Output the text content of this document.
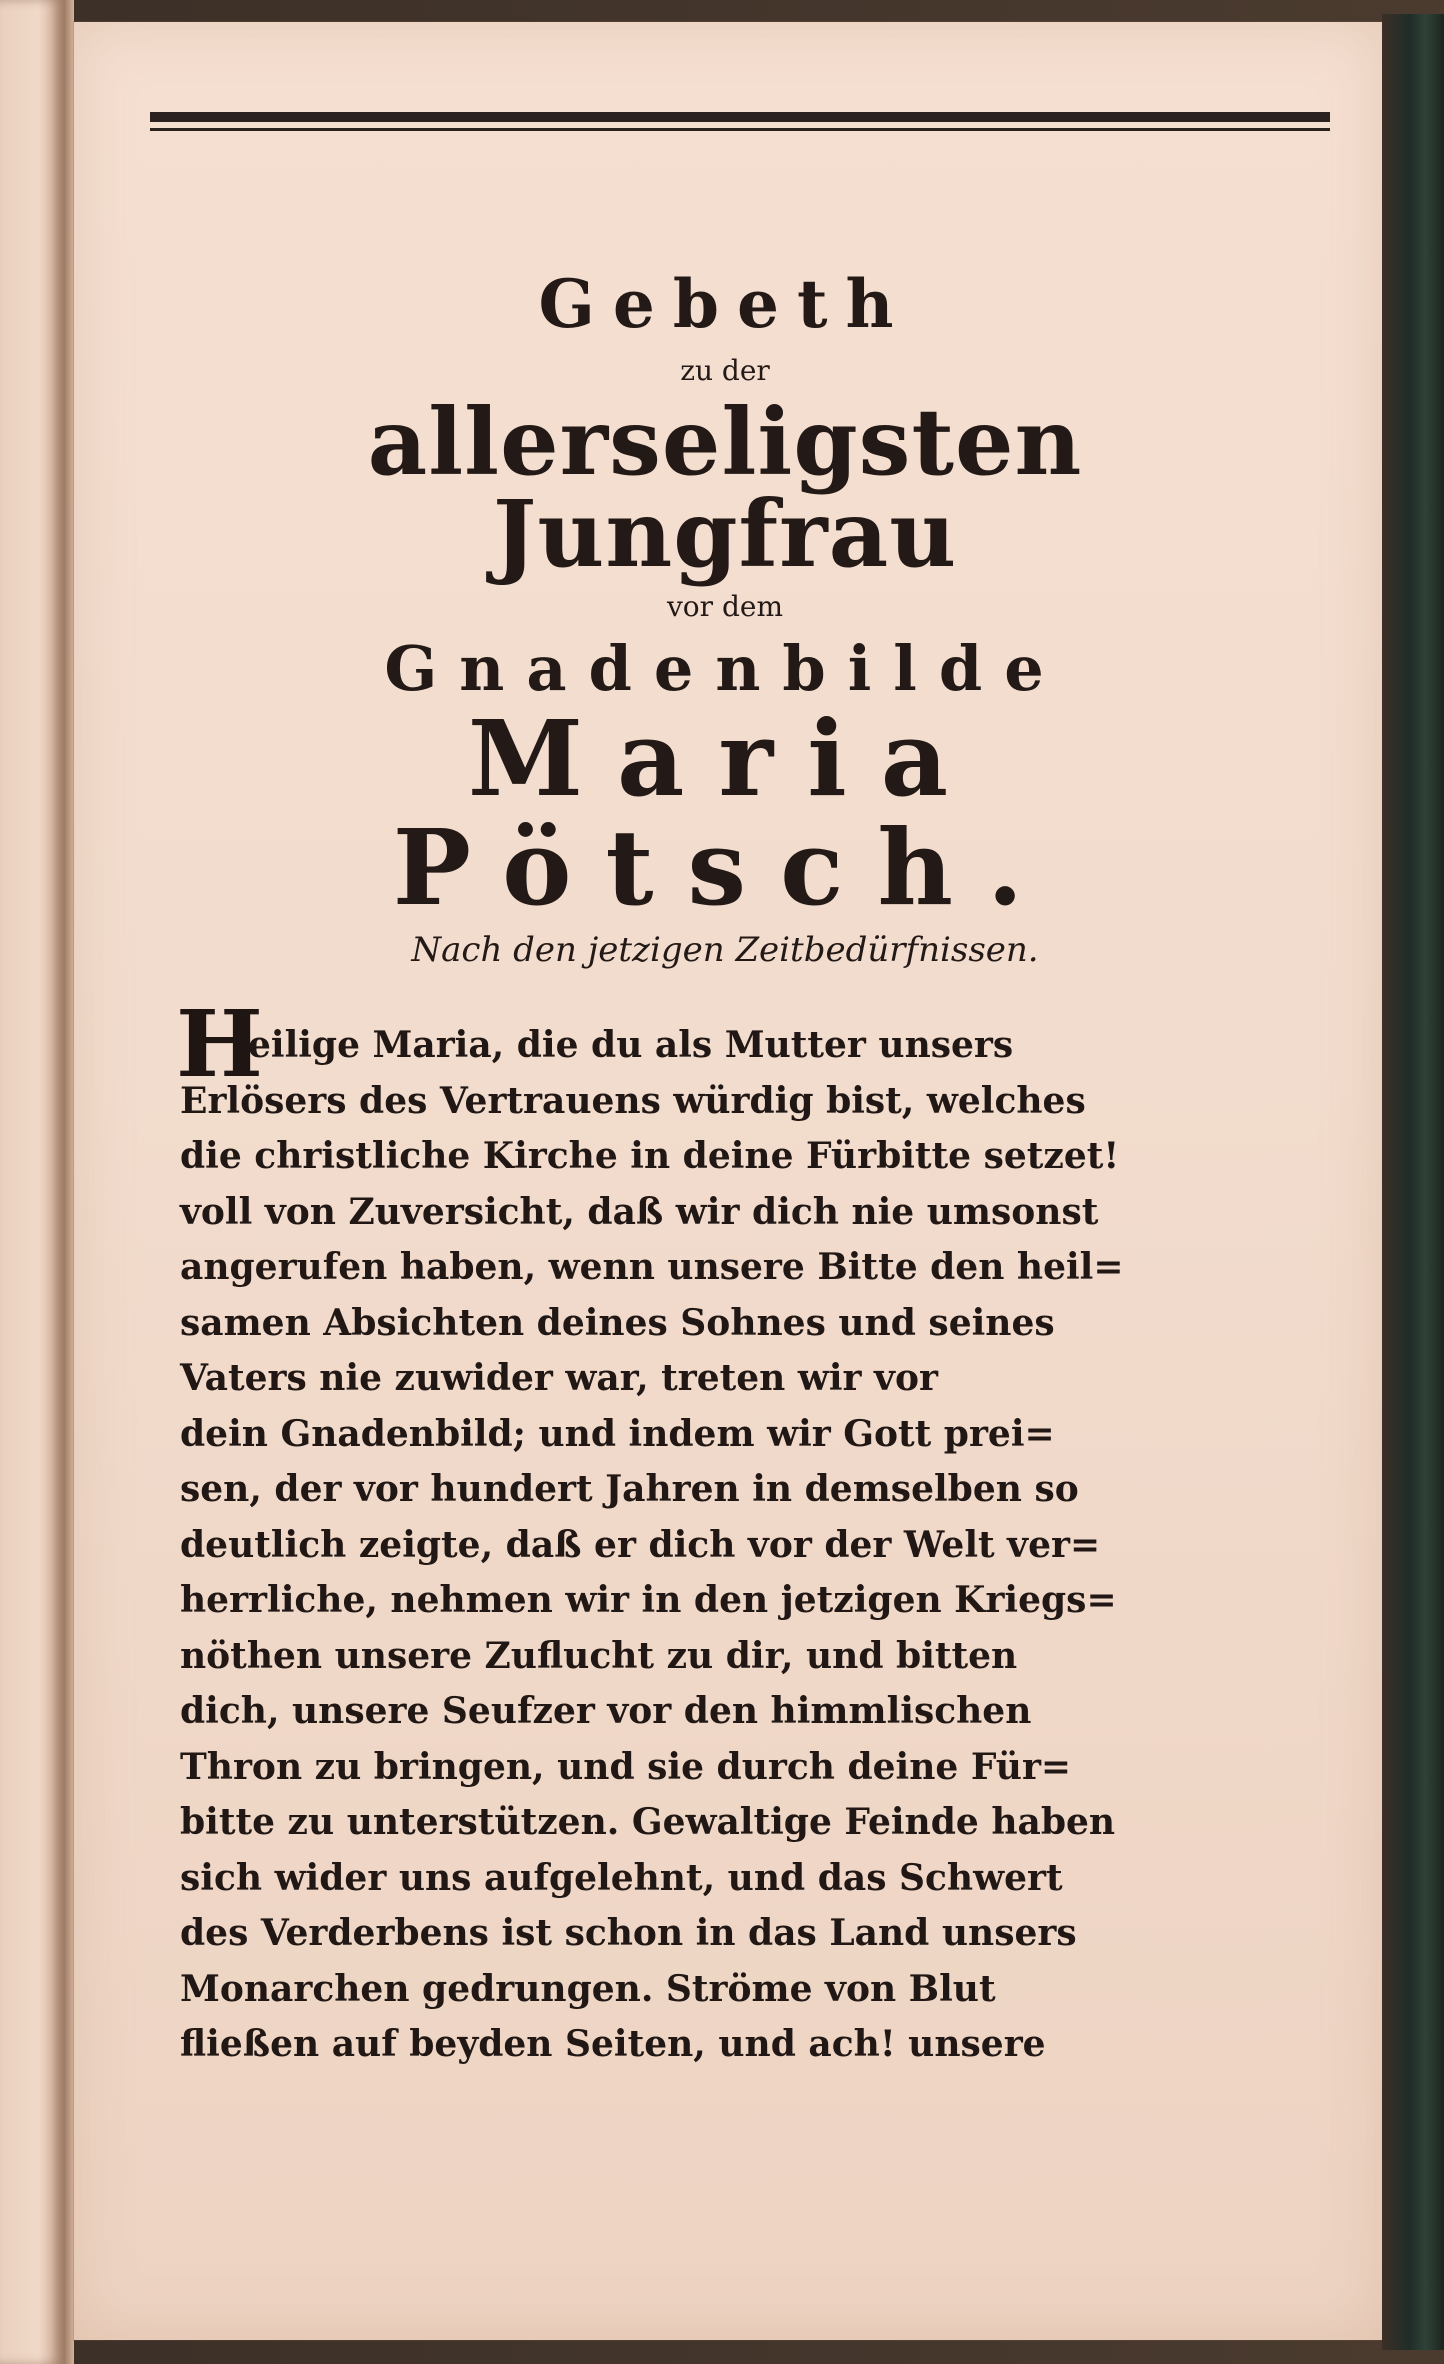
Gebeth
zu der
allerseligsten Jungfrau
vor dem
Gnadenbilde
Maria Pötsch.
Nach den jetzigen Zeitbedürfnissen.
H
eilige Maria, die du als Mutter unsers
Erlösers des Vertrauens würdig bist, welches
die christliche Kirche in deine Fürbitte setzet!
voll von Zuversicht, daß wir dich nie umsonst
angerufen haben, wenn unsere Bitte den heil=
samen Absichten deines Sohnes und seines
Vaters nie zuwider war, treten wir vor
dein Gnadenbild; und indem wir Gott prei=
sen, der vor hundert Jahren in demselben so
deutlich zeigte, daß er dich vor der Welt ver=
herrliche, nehmen wir in den jetzigen Kriegs=
nöthen unsere Zuflucht zu dir, und bitten
dich, unsere Seufzer vor den himmlischen
Thron zu bringen, und sie durch deine Für=
bitte zu unterstützen. Gewaltige Feinde haben
sich wider uns aufgelehnt, und das Schwert
des Verderbens ist schon in das Land unsers
Monarchen gedrungen. Ströme von Blut
fließen auf beyden Seiten, und ach! unsere
